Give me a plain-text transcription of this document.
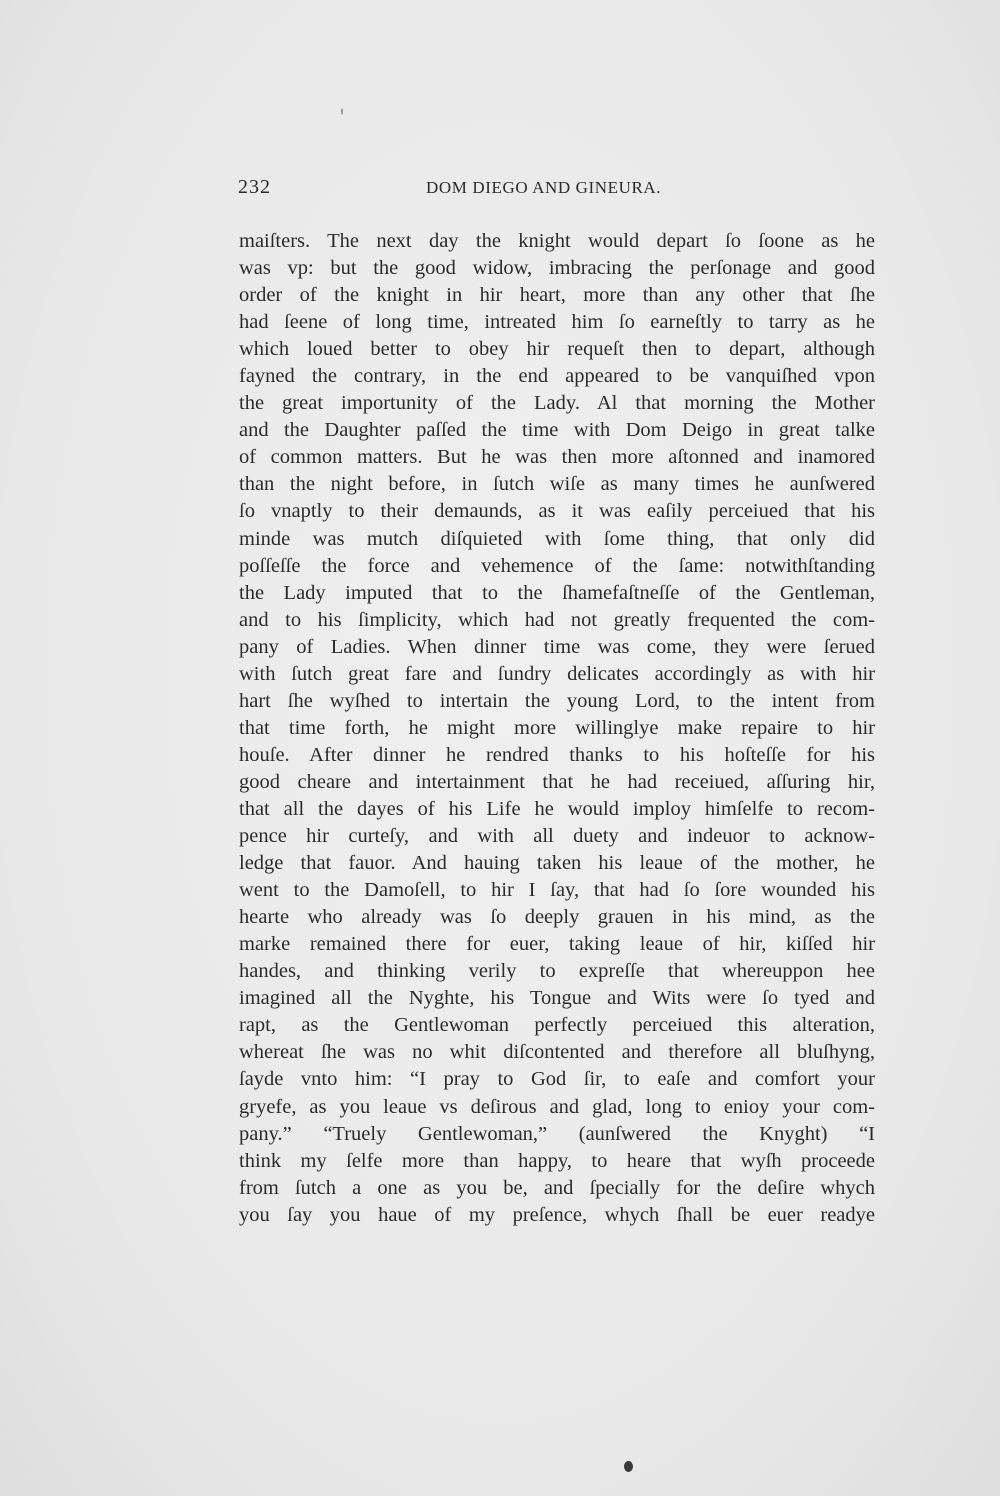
232	DOM DIEGO AND GINEURA.
maiſters. The next day the knight would depart ſo ſoone as he
was vp: but the good widow, imbracing the perſonage and good
order of the knight in hir heart, more than any other that ſhe
had ſeene of long time, intreated him ſo earneſtly to tarry as he
which loued better to obey hir requeſt then to depart, although
fayned the contrary, in the end appeared to be vanquiſhed vpon
the great importunity of the Lady. Al that morning the Mother
and the Daughter paſſed the time with Dom Deigo in great talke
of common matters. But he was then more aſtonned and inamored
than the night before, in ſutch wiſe as many times he aunſwered
ſo vnaptly to their demaunds, as it was eaſily perceiued that his
minde was mutch diſquieted with ſome thing, that only did
poſſeſſe the force and vehemence of the ſame: notwithſtanding
the Lady imputed that to the ſhamefaſtneſſe of the Gentleman,
and to his ſimplicity, which had not greatly frequented the com-
pany of Ladies. When dinner time was come, they were ſerued
with ſutch great fare and ſundry delicates accordingly as with hir
hart ſhe wyſhed to intertain the young Lord, to the intent from
that time forth, he might more willinglye make repaire to hir
houſe. After dinner he rendred thanks to his hoſteſſe for his
good cheare and intertainment that he had receiued, aſſuring hir,
that all the dayes of his Life he would imploy himſelfe to recom-
pence hir curteſy, and with all duety and indeuor to acknow-
ledge that fauor. And hauing taken his leaue of the mother, he
went to the Damoſell, to hir I ſay, that had ſo ſore wounded his
hearte who already was ſo deeply grauen in his mind, as the
marke remained there for euer, taking leaue of hir, kiſſed hir
handes, and thinking verily to expreſſe that whereuppon hee
imagined all the Nyghte, his Tongue and Wits were ſo tyed and
rapt, as the Gentlewoman perfectly perceiued this alteration,
whereat ſhe was no whit diſcontented and therefore all bluſhyng,
ſayde vnto him: “I pray to God ſir, to eaſe and comfort your
gryefe, as you leaue vs deſirous and glad, long to enioy your com-
pany.” “Truely Gentlewoman,” (aunſwered the Knyght) “I
think my ſelfe more than happy, to heare that wyſh proceede
from ſutch a one as you be, and ſpecially for the deſire whych
you ſay you haue of my preſence, whych ſhall be euer readye
